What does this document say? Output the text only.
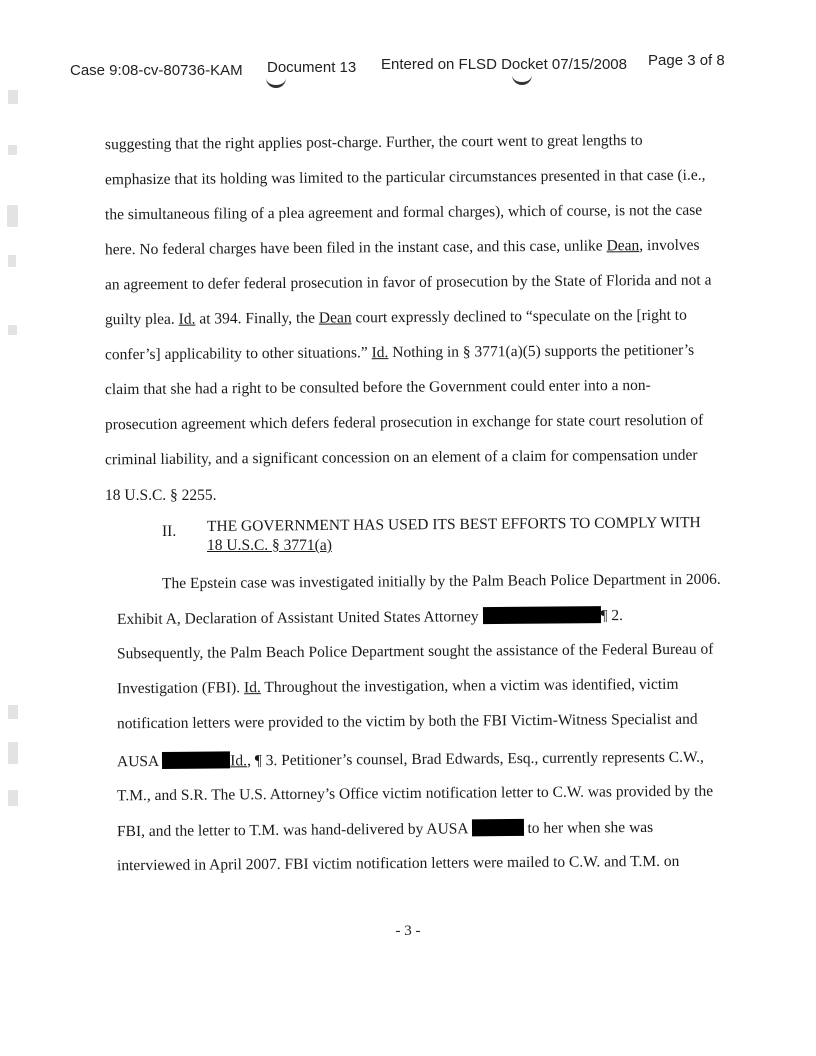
Case 9:08-cv-80736-KAM Document 13 Entered on FLSD Docket 07/15/2008 Page 3 of 8
suggesting that the right applies post-charge. Further, the court went to great lengths to
emphasize that its holding was limited to the particular circumstances presented in that case (i.e.,
the simultaneous filing of a plea agreement and formal charges), which of course, is not the case
here. No federal charges have been filed in the instant case, and this case, unlike Dean, involves
an agreement to defer federal prosecution in favor of prosecution by the State of Florida and not a
guilty plea. Id. at 394. Finally, the Dean court expressly declined to “speculate on the [right to
confer’s] applicability to other situations.” Id. Nothing in § 3771(a)(5) supports the petitioner’s
claim that she had a right to be consulted before the Government could enter into a non-
prosecution agreement which defers federal prosecution in exchange for state court resolution of
criminal liability, and a significant concession on an element of a claim for compensation under
18 U.S.C. § 2255.
II. THE GOVERNMENT HAS USED ITS BEST EFFORTS TO COMPLY WITH
18 U.S.C. § 3771(a)
The Epstein case was investigated initially by the Palm Beach Police Department in 2006.
Exhibit A, Declaration of Assistant United States Attorney	¶ 2.
Subsequently, the Palm Beach Police Department sought the assistance of the Federal Bureau of
Investigation (FBI). Id. Throughout the investigation, when a victim was identified, victim
notification letters were provided to the victim by both the FBI Victim-Witness Specialist and
AUSA	Id., ¶ 3. Petitioner’s counsel, Brad Edwards, Esq., currently represents C.W.,
T.M., and S.R. The U.S. Attorney’s Office victim notification letter to C.W. was provided by the
FBI, and the letter to T.M. was hand-delivered by AUSA	to her when she was
interviewed in April 2007. FBI victim notification letters were mailed to C.W. and T.M. on
- 3 -
